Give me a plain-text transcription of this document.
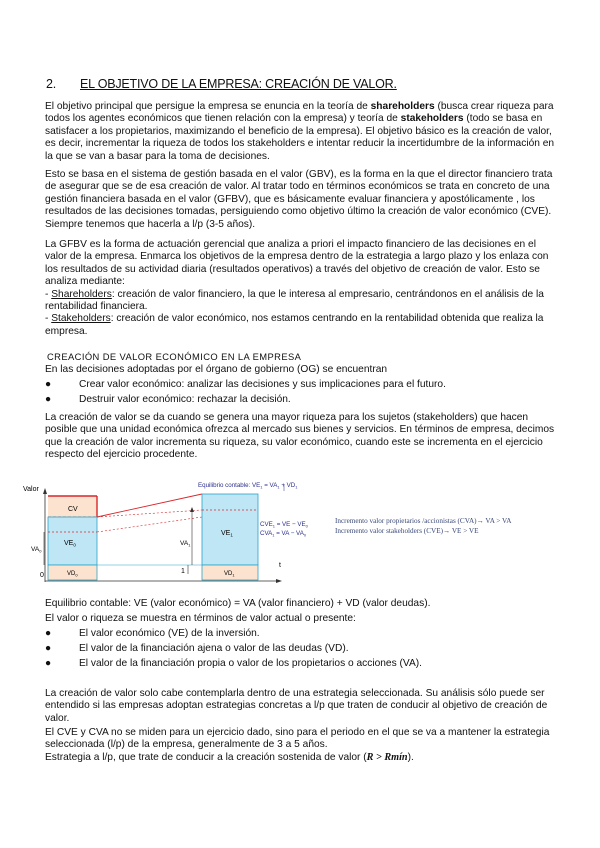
2. EL OBJETIVO DE LA EMPRESA: CREACIÓN DE VALOR.
El objetivo principal que persigue la empresa se enuncia en la teoría de shareholders (busca crear riqueza para todos los agentes económicos que tienen relación con la empresa) y teoría de stakeholders (todo se basa en satisfacer a los propietarios, maximizando el beneficio de la empresa). El objetivo básico es la creación de valor, es decir, incrementar la riqueza de todos los stakeholders e intentar reducir la incertidumbre de la información en la que se van a basar para la toma de decisiones.
Esto se basa en el sistema de gestión basada en el valor (GBV), es la forma en la que el director financiero trata de asegurar que se de esa creación de valor. Al tratar todo en términos económicos se trata en concreto de una gestión financiera basada en el valor (GFBV), que es básicamente evaluar financiera y apostólicamente , los resultados de las decisiones tomadas, persiguiendo como objetivo último la creación de valor económico (CVE). Siempre tenemos que hacerla a l/p (3-5 años).
La GFBV es la forma de actuación gerencial que analiza a priori el impacto financiero de las decisiones en el valor de la empresa. Enmarca los objetivos de la empresa dentro de la estrategia a largo plazo y los enlaza con los resultados de su actividad diaria (resultados operativos) a través del objetivo de creación de valor. Esto se analiza mediante:
- Shareholders: creación de valor financiero, la que le interesa al empresario, centrándonos en el análisis de la rentabilidad financiera.
- Stakeholders: creación de valor económico, nos estamos centrando en la rentabilidad obtenida que realiza la empresa.
CREACIÓN DE VALOR ECONÓMICO EN LA EMPRESA
En las decisiones adoptadas por el órgano de gobierno (OG) se encuentran
●	Crear valor económico: analizar las decisiones y sus implicaciones para el futuro.
●	Destruir valor económico: rechazar la decisión.
La creación de valor se da cuando se genera una mayor riqueza para los sujetos (stakeholders) que hacen posible que una unidad económica ofrezca al mercado sus bienes y servicios. En términos de empresa, decimos que la creación de valor incrementa su riqueza, su valor económico, cuando este se incrementa en el ejercicio respecto del ejercicio procedente.
Valor
t
0
1
CV
$VE_0$
$VD_0$
$VA_0$
$VE_1$
$VD_1$
$VA_1$
Equilibrio contable: $VE_1 = VA_1 + VD_1$
$CVE_1$ = VE − $VE_0$
$CVA_1$ = VA − $VA_0$
Incremento valor propietarios /accionistas (CVA)→ VA > VA
Incremento valor stakeholders (CVE)→ VE > VE
Equilibrio contable: VE (valor económico) = VA (valor financiero) + VD (valor deudas).
El valor o riqueza se muestra en términos de valor actual o presente:
●	El valor económico (VE) de la inversión.
●	El valor de la financiación ajena o valor de las deudas (VD).
●	El valor de la financiación propia o valor de los propietarios o acciones (VA).
La creación de valor solo cabe contemplarla dentro de una estrategia seleccionada. Su análisis sólo puede ser entendido si las empresas adoptan estrategias concretas a l/p que traten de conducir al objetivo de creación de valor.
El CVE y CVA no se miden para un ejercicio dado, sino para el periodo en el que se va a mantener la estrategia seleccionada (l/p) de la empresa, generalmente de 3 a 5 años.
Estrategia a l/p, que trate de conducir a la creación sostenida de valor (R > Rmín).
